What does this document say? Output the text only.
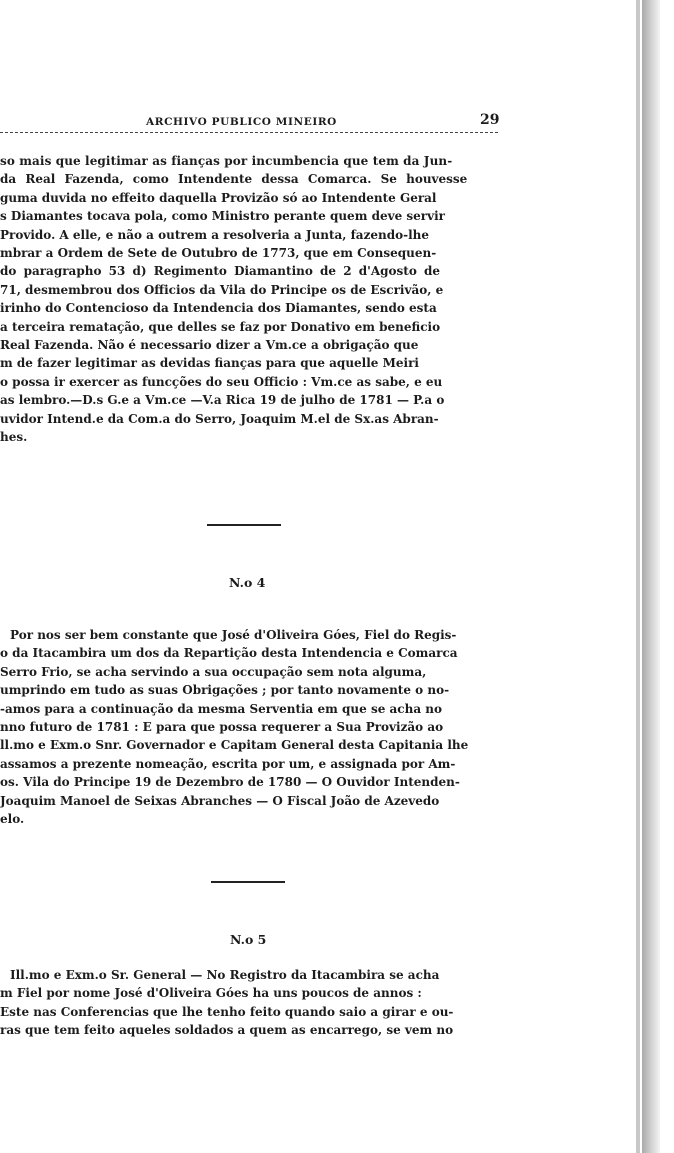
ARCHIVO PUBLICO MINEIRO	29
so mais que legitimar as fianças por incumbencia que tem da Jun-
da Real Fazenda, como Intendente dessa Comarca. Se houvesse
guma duvida no effeito daquella Provizão só ao Intendente Geral
s Diamantes tocava pola, como Ministro perante quem deve servir
Provido. A elle, e não a outrem a resolveria a Junta, fazendo-lhe
mbrar a Ordem de Sete de Outubro de 1773, que em Consequen-
do paragrapho 53 d) Regimento Diamantino de 2 d'Agosto de
71, desmembrou dos Officios da Vila do Principe os de Escrivão, e
irinho do Contencioso da Intendencia dos Diamantes, sendo esta
a terceira rematação, que delles se faz por Donativo em beneficio
Real Fazenda. Não é necessario dizer a Vm.ce a obrigação que
m de fazer legitimar as devidas fianças para que aquelle Meiri
o possa ir exercer as funcções do seu Officio : Vm.ce as sabe, e eu
as lembro.—D.s G.e a Vm.ce —V.a Rica 19 de julho de 1781 — P.a o
uvidor Intend.e da Com.a do Serro, Joaquim M.el de Sx.as Abran-
hes.
N.o 4
Por nos ser bem constante que José d'Oliveira Góes, Fiel do Regis-
o da Itacambira um dos da Repartição desta Intendencia e Comarca
Serro Frio, se acha servindo a sua occupação sem nota alguma,
umprindo em tudo as suas Obrigações ; por tanto novamente o no-
-amos para a continuação da mesma Serventia em que se acha no
nno futuro de 1781 : E para que possa requerer a Sua Provizão ao
ll.mo e Exm.o Snr. Governador e Capitam General desta Capitania lhe
assamos a prezente nomeação, escrita por um, e assignada por Am-
os. Vila do Principe 19 de Dezembro de 1780 — O Ouvidor Intenden-
Joaquim Manoel de Seixas Abranches — O Fiscal João de Azevedo
elo.
N.o 5
Ill.mo e Exm.o Sr. General — No Registro da Itacambira se acha
m Fiel por nome José d'Oliveira Góes ha uns poucos de annos :
Este nas Conferencias que lhe tenho feito quando saio a girar e ou-
ras que tem feito aqueles soldados a quem as encarrego, se vem no
